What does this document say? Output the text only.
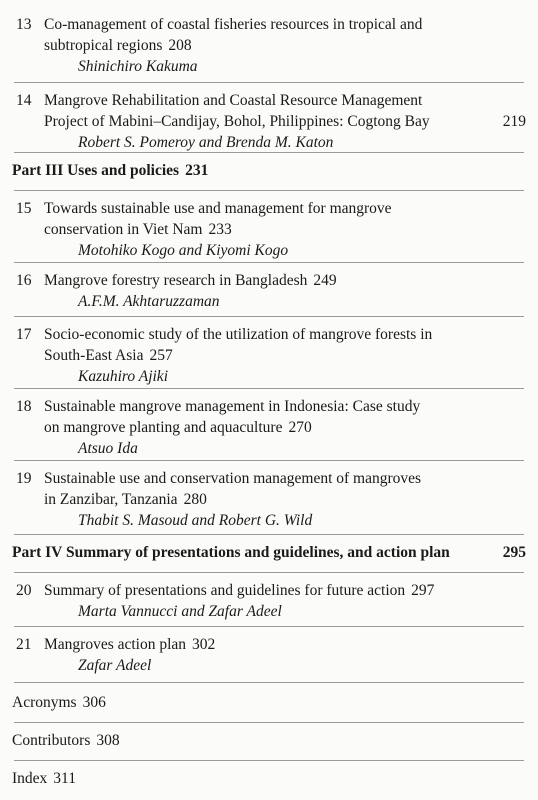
13 Co-management of coastal fisheries resources in tropical and
subtropical regions 208
Shinichiro Kakuma
14 Mangrove Rehabilitation and Coastal Resource Management
Project of Mabini–Candijay, Bohol, Philippines: Cogtong Bay	219
Robert S. Pomeroy and Brenda M. Katon
Part III Uses and policies 231
15 Towards sustainable use and management for mangrove
conservation in Viet Nam 233
Motohiko Kogo and Kiyomi Kogo
16 Mangrove forestry research in Bangladesh 249
A.F.M. Akhtaruzzaman
17 Socio-economic study of the utilization of mangrove forests in
South-East Asia 257
Kazuhiro Ajiki
18 Sustainable mangrove management in Indonesia: Case study
on mangrove planting and aquaculture 270
Atsuo Ida
19 Sustainable use and conservation management of mangroves
in Zanzibar, Tanzania 280
Thabit S. Masoud and Robert G. Wild
Part IV Summary of presentations and guidelines, and action plan	295
20 Summary of presentations and guidelines for future action 297
Marta Vannucci and Zafar Adeel
21 Mangroves action plan 302
Zafar Adeel
Acronyms 306
Contributors 308
Index 311
